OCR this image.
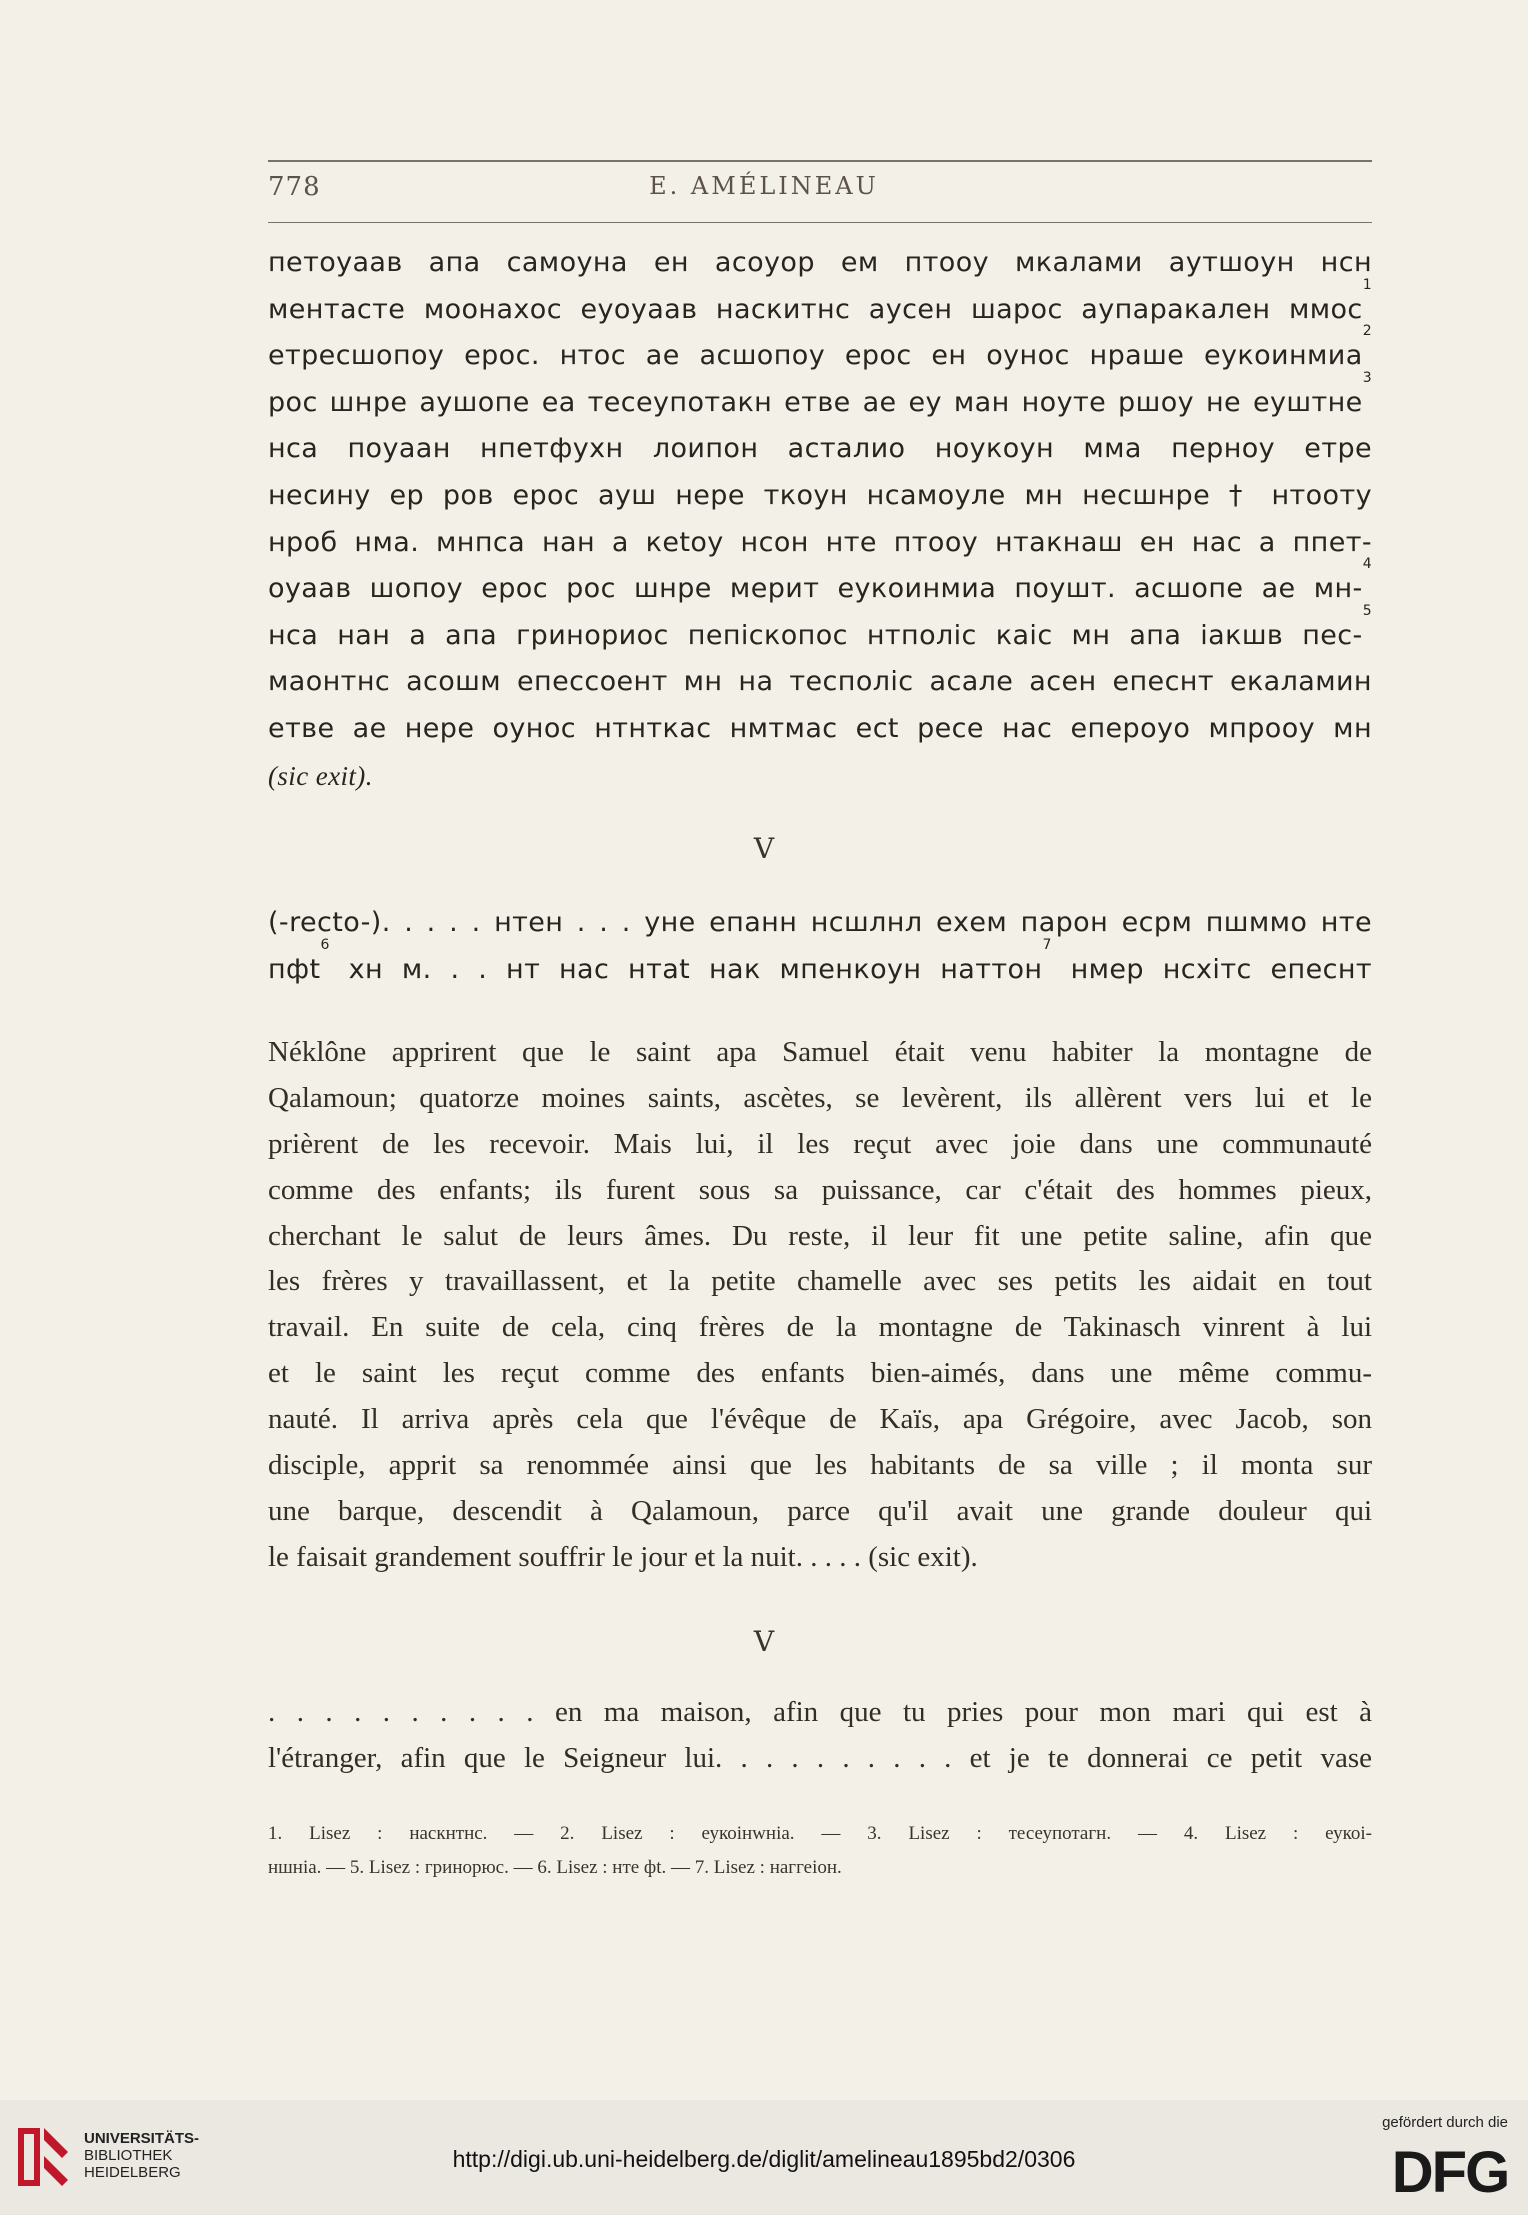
778	E. AMÉLINEAU
петоуаав апа самоуна ен асоуор ем птооу мкалами аутшоун нсн
ментасте моонахос еуоуаав наскитнс аусен шарос аупаракален ммос$^1$
етресшопоу ерос. нтос ае асшопоу ерос ен оунос нраше еукоинмиа$^2$
рос шнре аушопе еа тесеупотакн етве ае еу ман ноуте ршоу не еуштне$^3$
нса поуаан нпетфухн лоипон асталио ноукоун мма перноу етре
несину ер ров ерос ауш нере ткоун нсамоуле мн несшнре † нтооту
нроб нма. мнпса нан а кеtоу нсон нте птооу нтакнаш ен нас а ппет-
оуаав шопоу ерос рос шнре мерит еукоинмиа поушт. асшопе ае мн-$^4$
нса нан а апа гринориос пепіскопос нтполіс каіс мн апа іакшв пес-$^5$
маонтнс асошм епессоент мн на тесполіс асале асен епеснт екаламин
етве ае нере оунос нтнткас нмтмас есt ресе нас епероуо мпрооу мн
(sic exit).
V
(-recto-). . . . . нтен . . . уне епанн нсшлнл ехем парон есрм пшммо нте
пфt$^6$ хн м. . . нт нас нтаt нак мпенкоун наттон$^7$ нмер нсхітс епеснт
Néklône apprirent que le saint apa Samuel était venu habiter la montagne de
Qalamoun; quatorze moines saints, ascètes, se levèrent, ils allèrent vers lui et le
prièrent de les recevoir. Mais lui, il les reçut avec joie dans une communauté
comme des enfants; ils furent sous sa puissance, car c'était des hommes pieux,
cherchant le salut de leurs âmes. Du reste, il leur fit une petite saline, afin que
les frères y travaillassent, et la petite chamelle avec ses petits les aidait en tout
travail. En suite de cela, cinq frères de la montagne de Takinasch vinrent à lui
et le saint les reçut comme des enfants bien-aimés, dans une même commu-
nauté. Il arriva après cela que l'évêque de Kaïs, apa Grégoire, avec Jacob, son
disciple, apprit sa renommée ainsi que les habitants de sa ville ; il monta sur
une barque, descendit à Qalamoun, parce qu'il avait une grande douleur qui
le faisait grandement souffrir le jour et la nuit. . . . . (sic exit).
V
. . . . . . . . . . en ma maison, afin que tu pries pour mon mari qui est à
l'étranger, afin que le Seigneur lui. . . . . . . . . . et je te donnerai ce petit vase
1. Lisez : наскнтнс. — 2. Lisez : еукоінwніа. — 3. Lisez : тесеупотагн. — 4. Lisez : еукоі-
ншніа. — 5. Lisez : гринорюс. — 6. Lisez : нте фt. — 7. Lisez : наггеіон.
UNIVERSITÄTS-
BIBLIOTHEK
HEIDELBERG
http://digi.ub.uni-heidelberg.de/diglit/amelineau1895bd2/0306
gefördert durch die
DFG
